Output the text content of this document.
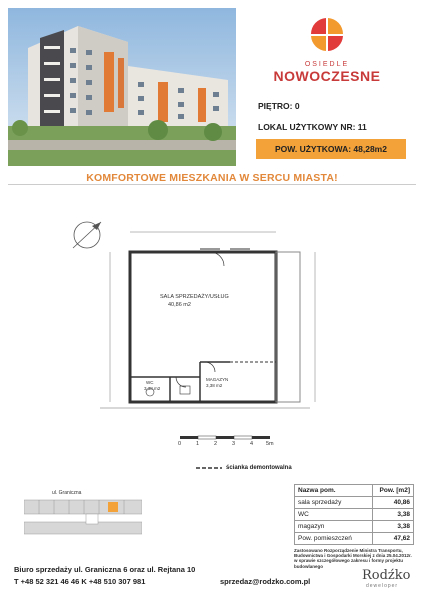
OSIEDLE
NOWOCZESNE
PIĘTRO: 0
LOKAL UŻYTKOWY NR: 11
POW. UŻYTKOWA: 48,28m2
KOMFORTOWE MIESZKANIA W SERCU MIASTA!
SALA SPRZEDAŻY/USŁUG
40,86 m2
WC
3,38 m2
MAGAZYN
3,38 m2
0	1	2	3	4 5m
ścianka demontowalna
ul. Graniczna	Nazwa pom.	Pow. [m2]
sala sprzedaży	40,86
WC	3,38
magazyn	3,38
Pow. pomieszczeń	47,62
Zastosowano Rozporządzenie Ministra Transportu, Budownictwa i Gospodarki Morskiej z dnia 25.04.2012r. w sprawie szczegółowego zakresu i formy projektu budowlanego
Biuro sprzedaży ul. Graniczna 6 oraz ul. Rejtana 10
T +48 52 321 46 46 K +48 510 307 981	sprzedaz@rodzko.com.pl	Rodźko
deweloper
